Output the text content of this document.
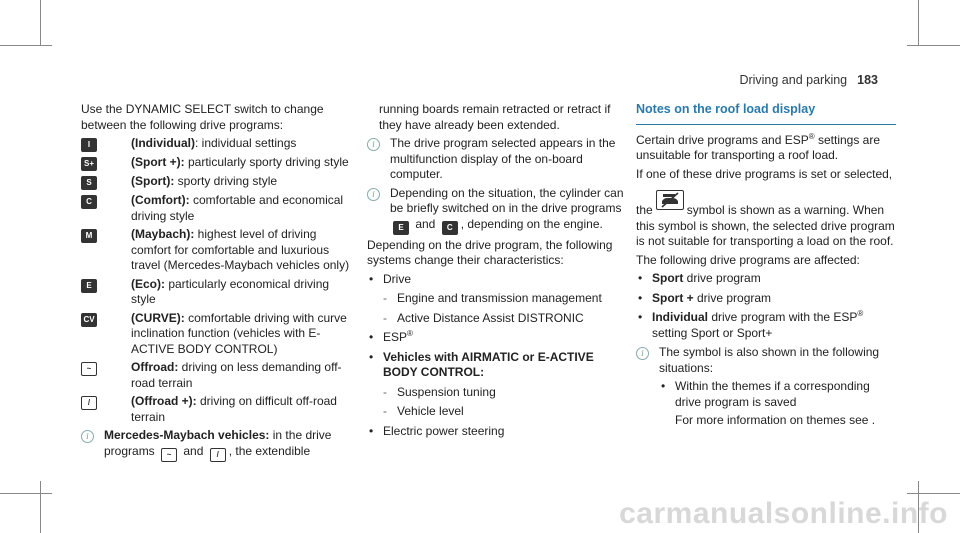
Driving and parking 183

Use the DYNAMIC SELECT switch to change between the following drive programs:

I	(Individual): individual settings
S+	(Sport +): particularly sporty driving style
S	(Sport): sporty driving style
C	(Comfort): comfortable and economical driving style
M	(Maybach): highest level of driving comfort for comfortable and luxurious travel (Mercedes-Maybach vehicles only)
E	(Eco): particularly economical driving style
CV	(CURVE): comfortable driving with curve inclination function (vehicles with E-ACTIVE BODY CONTROL)
~	Offroad: driving on less demanding off-road terrain
/	(Offroad +): driving on difficult off-road terrain
i	Mercedes-Maybach vehicles: in the drive programs ~ and / , the extendible

running boards remain retracted or retract if they have already been extended.

i	The drive program selected appears in the multifunction display of the on-board computer.
i	Depending on the situation, the cylinder can be briefly switched on in the drive programs E and C , depending on the engine.

Depending on the drive program, the following systems change their characteristics:

• Drive
- Engine and transmission management
- Active Distance Assist DISTRONIC
• ESP®
• Vehicles with AIRMATIC or E-ACTIVE BODY CONTROL:
- Suspension tuning
- Vehicle level
• Electric power steering
Notes on the roof load display

Certain drive programs and ESP® settings are unsuitable for transporting a roof load.

If one of these drive programs is set or selected,

the	symbol is shown as a warning. When this symbol is shown, the selected drive program is not suitable for transporting a load on the roof.

The following drive programs are affected:

• Sport drive program
• Sport + drive program
• Individual drive program with the ESP® setting Sport or Sport+
i	The symbol is also shown in the following situations:
• Within the themes if a corresponding drive program is saved
For more information on themes see .
carmanualsonline.info
